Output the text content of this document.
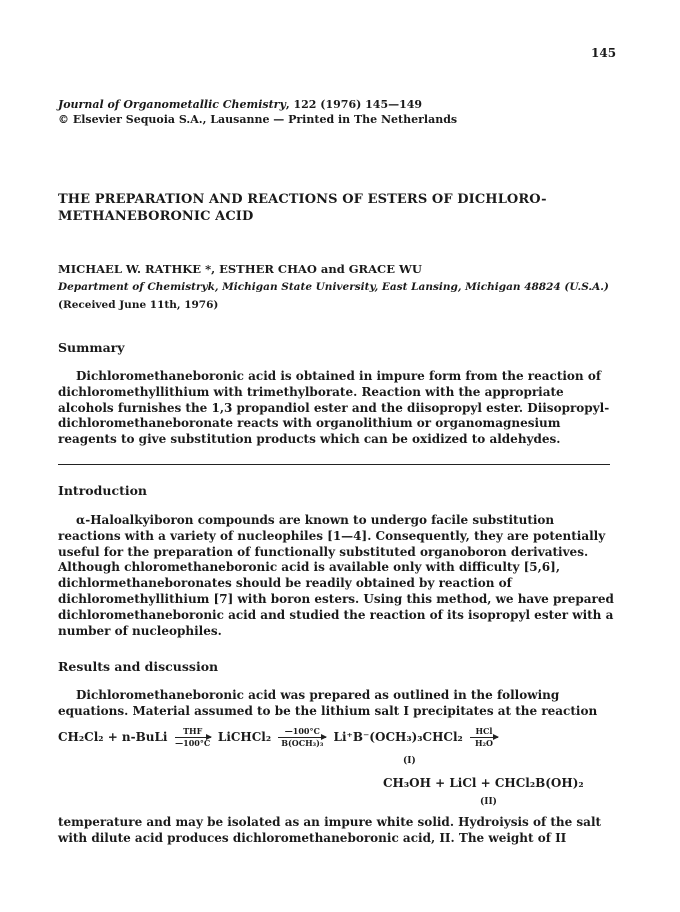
145
Journal of Organometallic Chemistry, 122 (1976) 145—149
© Elsevier Sequoia S.A., Lausanne — Printed in The Netherlands
THE PREPARATION AND REACTIONS OF ESTERS OF DICHLORO-
METHANEBORONIC ACID
MICHAEL W. RATHKE *, ESTHER CHAO and GRACE WU
Department of Chemistryk, Michigan State University, East Lansing, Michigan 48824 (U.S.A.)
(Received June 11th, 1976)
Summary
Dichloromethaneboronic acid is obtained in impure form from the reaction of dichloromethyllithium with trimethylborate. Reaction with the appropriate alcohols furnishes the 1,3 propandiol ester and the diisopropyl ester. Diisopropyl-dichloromethaneboronate reacts with organolithium or organomagnesium reagents to give substitution products which can be oxidized to aldehydes.
Introduction
α-Haloalkyiboron compounds are known to undergo facile substitution reactions with a variety of nucleophiles [1—4]. Consequently, they are potentially useful for the preparation of functionally substituted organoboron derivatives. Although chloromethaneboronic acid is available only with difficulty [5,6], dichlormethaneboronates should be readily obtained by reaction of dichloromethyllithium [7] with boron esters. Using this method, we have prepared dichloromethaneboronic acid and studied the reaction of its isopropyl ester with a number of nucleophiles.
Results and discussion
Dichloromethaneboronic acid was prepared as outlined in the following equations. Material assumed to be the lithium salt I precipitates at the reaction
CH₂Cl₂ + n-BuLi THF
—100°C LiCHCl₂ —100°C
B(OCH₃)₃ Li⁺B⁻(OCH₃)₃CHCl₂ HCl
H₂O
(I)
CH₃OH + LiCl + CHCl₂B(OH)₂
(II)
temperature and may be isolated as an impure white solid. Hydroiysis of the salt with dilute acid produces dichloromethaneboronic acid, II. The weight of II
